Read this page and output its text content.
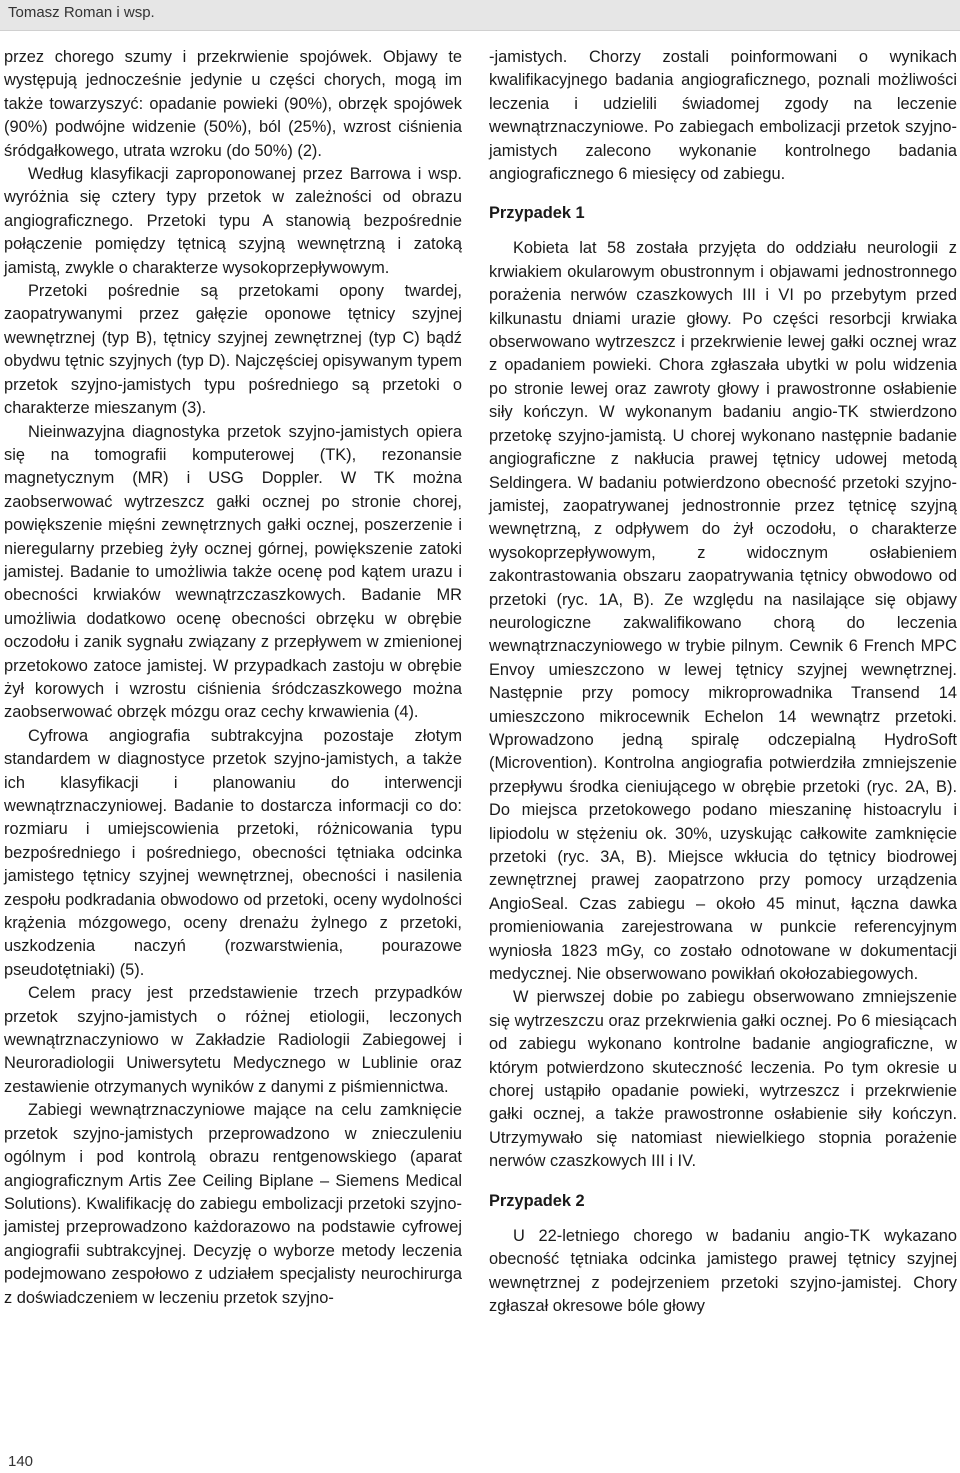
Tomasz Roman i wsp.

przez chorego szumy i przekrwienie spojówek. Objawy te występują jednocześnie jedynie u części chorych, mogą im także towarzyszyć: opadanie powieki (90%), obrzęk spojówek (90%) podwójne widzenie (50%), ból (25%), wzrost ciśnienia śródgałkowego, utrata wzroku (do 50%) (2).

Według klasyfikacji zaproponowanej przez Barrowa i wsp. wyróżnia się cztery typy przetok w zależności od obrazu angiograficznego. Przetoki typu A stanowią bezpośrednie połączenie pomiędzy tętnicą szyjną wewnętrzną i zatoką jamistą, zwykle o charakterze wysokoprzepływowym.

Przetoki pośrednie są przetokami opony twardej, zaopatrywanymi przez gałęzie oponowe tętnicy szyjnej wewnętrznej (typ B), tętnicy szyjnej zewnętrznej (typ C) bądź obydwu tętnic szyjnych (typ D). Najczęściej opisywanym typem przetok szyjno-jamistych typu pośredniego są przetoki o charakterze mieszanym (3).

Nieinwazyjna diagnostyka przetok szyjno-jamistych opiera się na tomografii komputerowej (TK), rezonansie magnetycznym (MR) i USG Doppler. W TK można zaobserwować wytrzeszcz gałki ocznej po stronie chorej, powiększenie mięśni zewnętrznych gałki ocznej, poszerzenie i nieregularny przebieg żyły ocznej górnej, powiększenie zatoki jamistej. Badanie to umożliwia także ocenę pod kątem urazu i obecności krwiaków wewnątrzczaszkowych. Badanie MR umożliwia dodatkowo ocenę obecności obrzęku w obrębie oczodołu i zanik sygnału związany z przepływem w zmienionej przetokowo zatoce jamistej. W przypadkach zastoju w obrębie żył korowych i wzrostu ciśnienia śródczaszkowego można zaobserwować obrzęk mózgu oraz cechy krwawienia (4).

Cyfrowa angiografia subtrakcyjna pozostaje złotym standardem w diagnostyce przetok szyjno-jamistych, a także ich klasyfikacji i planowaniu do interwencji wewnątrznaczyniowej. Badanie to dostarcza informacji co do: rozmiaru i umiejscowienia przetoki, różnicowania typu bezpośredniego i pośredniego, obecności tętniaka odcinka jamistego tętnicy szyjnej wewnętrznej, obecności i nasilenia zespołu podkradania obwodowo od przetoki, oceny wydolności krążenia mózgowego, oceny drenażu żylnego z przetoki, uszkodzenia naczyń (rozwarstwienia, pourazowe pseudotętniaki) (5).

Celem pracy jest przedstawienie trzech przypadków przetok szyjno-jamistych o różnej etiologii, leczonych wewnątrznaczyniowo w Zakładzie Radiologii Zabiegowej i Neuroradiologii Uniwersytetu Medycznego w Lublinie oraz zestawienie otrzymanych wyników z danymi z piśmiennictwa.

Zabiegi wewnątrznaczyniowe mające na celu zamknięcie przetok szyjno-jamistych przeprowadzono w znieczuleniu ogólnym i pod kontrolą obrazu rentgenowskiego (aparat angiograficznym Artis Zee Ceiling Biplane – Siemens Medical Solutions). Kwalifikację do zabiegu embolizacji przetoki szyjno-jamistej przeprowadzono każdorazowo na podstawie cyfrowej angiografii subtrakcyjnej. Decyzję o wyborze metody leczenia podejmowano zespołowo z udziałem specjalisty neurochirurga z doświadczeniem w leczeniu przetok szyjno-

-jamistych. Chorzy zostali poinformowani o wynikach kwalifikacyjnego badania angiograficznego, poznali możliwości leczenia i udzielili świadomej zgody na leczenie wewnątrznaczyniowe. Po zabiegach embolizacji przetok szyjno-jamistych zalecono wykonanie kontrolnego badania angiograficznego 6 miesięcy od zabiegu.

Przypadek 1

Kobieta lat 58 została przyjęta do oddziału neurologii z krwiakiem okularowym obustronnym i objawami jednostronnego porażenia nerwów czaszkowych III i VI po przebytym przed kilkunastu dniami urazie głowy. Po części resorbcji krwiaka obserwowano wytrzeszcz i przekrwienie lewej gałki ocznej wraz z opadaniem powieki. Chora zgłaszała ubytki w polu widzenia po stronie lewej oraz zawroty głowy i prawostronne osłabienie siły kończyn. W wykonanym badaniu angio-TK stwierdzono przetokę szyjno-jamistą. U chorej wykonano następnie badanie angiograficzne z nakłucia prawej tętnicy udowej metodą Seldingera. W badaniu potwierdzono obecność przetoki szyjno-jamistej, zaopatrywanej jednostronnie przez tętnicę szyjną wewnętrzną, z odpływem do żył oczodołu, o charakterze wysokoprzepływowym, z widocznym osłabieniem zakontrastowania obszaru zaopatrywania tętnicy obwodowo od przetoki (ryc. 1A, B). Ze względu na nasilające się objawy neurologiczne zakwalifikowano chorą do leczenia wewnątrznaczyniowego w trybie pilnym. Cewnik 6 French MPC Envoy umieszczono w lewej tętnicy szyjnej wewnętrznej. Następnie przy pomocy mikroprowadnika Transend 14 umieszczono mikrocewnik Echelon 14 wewnątrz przetoki. Wprowadzono jedną spiralę odczepialną HydroSoft (Microvention). Kontrolna angiografia potwierdziła zmniejszenie przepływu środka cieniującego w obrębie przetoki (ryc. 2A, B). Do miejsca przetokowego podano mieszaninę histoacrylu i lipiodolu w stężeniu ok. 30%, uzyskując całkowite zamknięcie przetoki (ryc. 3A, B). Miejsce wkłucia do tętnicy biodrowej zewnętrznej prawej zaopatrzono przy pomocy urządzenia AngioSeal. Czas zabiegu – około 45 minut, łączna dawka promieniowania zarejestrowana w punkcie referencyjnym wyniosła 1823 mGy, co zostało odnotowane w dokumentacji medycznej. Nie obserwowano powikłań okołozabiegowych.

W pierwszej dobie po zabiegu obserwowano zmniejszenie się wytrzeszczu oraz przekrwienia gałki ocznej. Po 6 miesiącach od zabiegu wykonano kontrolne badanie angiograficzne, w którym potwierdzono skuteczność leczenia. Po tym okresie u chorej ustąpiło opadanie powieki, wytrzeszcz i przekrwienie gałki ocznej, a także prawostronne osłabienie siły kończyn. Utrzymywało się natomiast niewielkiego stopnia porażenie nerwów czaszkowych III i IV.

Przypadek 2

U 22-letniego chorego w badaniu angio-TK wykazano obecność tętniaka odcinka jamistego prawej tętnicy szyjnej wewnętrznej z podejrzeniem przetoki szyjno-jamistej. Chory zgłaszał okresowe bóle głowy

140
